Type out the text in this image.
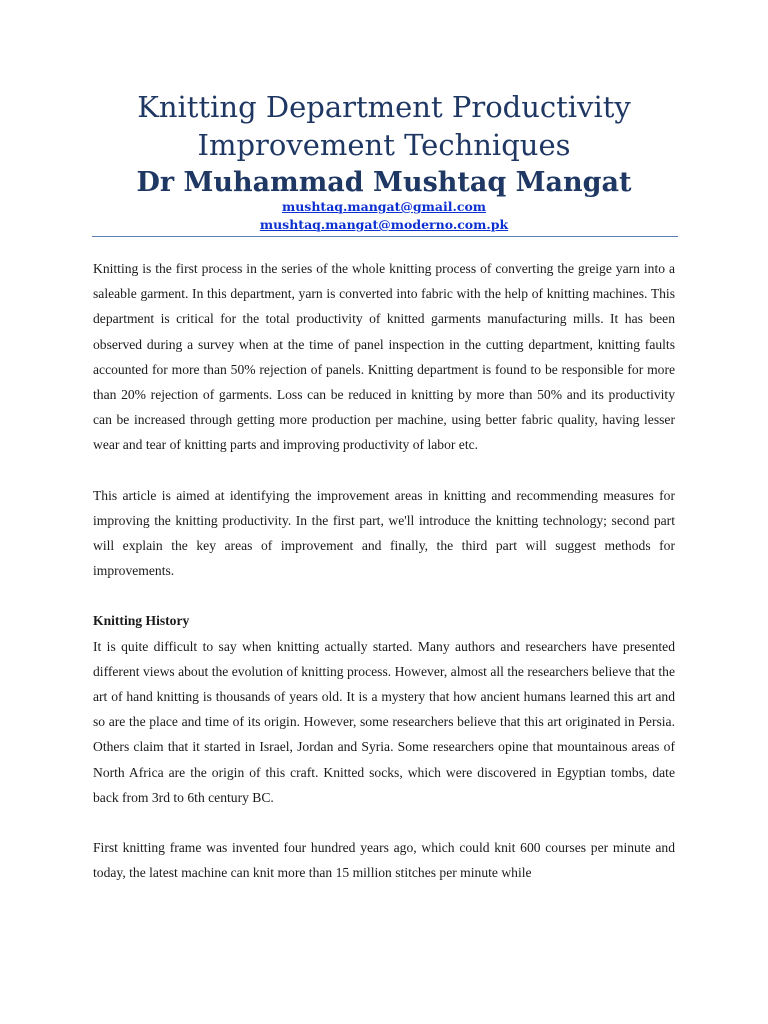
Knitting Department Productivity
Improvement Techniques
Dr Muhammad Mushtaq Mangat
mushtaq.mangat@gmail.com
mushtaq.mangat@moderno.com.pk

Knitting is the first process in the series of the whole knitting process of converting the greige yarn into a saleable garment. In this department, yarn is converted into fabric with the help of knitting machines. This department is critical for the total productivity of knitted garments manufacturing mills. It has been observed during a survey when at the time of panel inspection in the cutting department, knitting faults accounted for more than 50% rejection of panels. Knitting department is found to be responsible for more than 20% rejection of garments. Loss can be reduced in knitting by more than 50% and its productivity can be increased through getting more production per machine, using better fabric quality, having lesser wear and tear of knitting parts and improving productivity of labor etc.

This article is aimed at identifying the improvement areas in knitting and recommending measures for improving the knitting productivity. In the first part, we'll introduce the knitting technology; second part will explain the key areas of improvement and finally, the third part will suggest methods for improvements.

Knitting History

It is quite difficult to say when knitting actually started. Many authors and researchers have presented different views about the evolution of knitting process. However, almost all the researchers believe that the art of hand knitting is thousands of years old. It is a mystery that how ancient humans learned this art and so are the place and time of its origin. However, some researchers believe that this art originated in Persia. Others claim that it started in Israel, Jordan and Syria. Some researchers opine that mountainous areas of North Africa are the origin of this craft. Knitted socks, which were discovered in Egyptian tombs, date back from 3rd to 6th century BC.

First knitting frame was invented four hundred years ago, which could knit 600 courses per minute and today, the latest machine can knit more than 15 million stitches per minute while
